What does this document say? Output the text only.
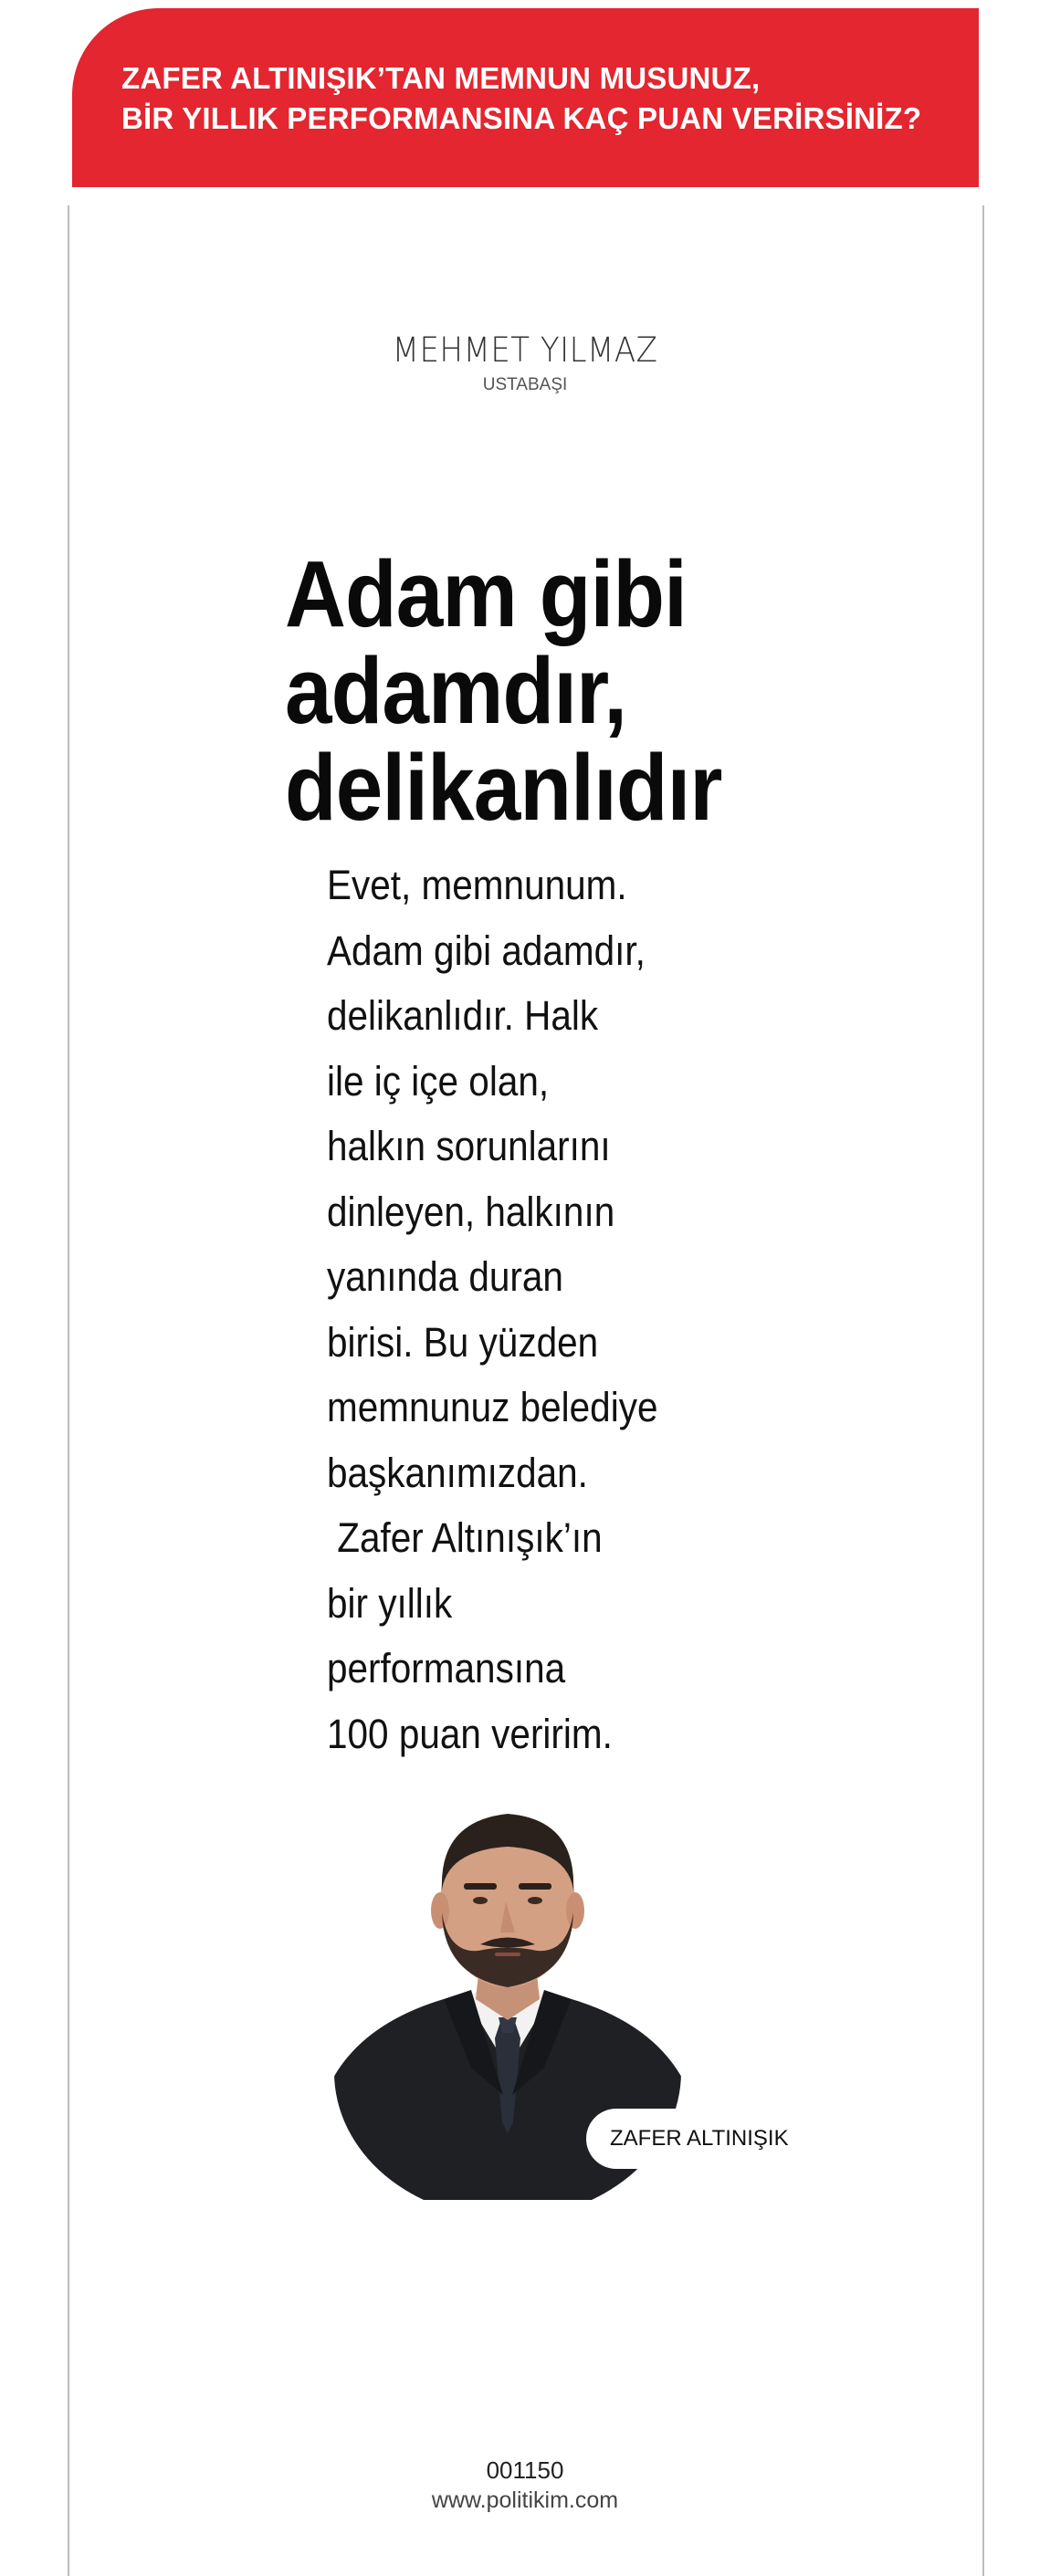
ZAFER ALTINIŞIK’TAN MEMNUN MUSUNUZ,
BİR YILLIK PERFORMANSINA KAÇ PUAN VERİRSİNİZ?
MEHMET YILMAZ
USTABAŞI
Adam gibi
adamdır,
delikanlıdır
Evet, memnunum.
Adam gibi adamdır,
delikanlıdır. Halk
ile iç içe olan,
halkın sorunlarını
dinleyen, halkının
yanında duran
birisi. Bu yüzden
memnunuz belediye
başkanımızdan.
Zafer Altınışık’ın
bir yıllık
performansına
100 puan veririm.
ZAFER ALTINIŞIK
001150
www.politikim.com
